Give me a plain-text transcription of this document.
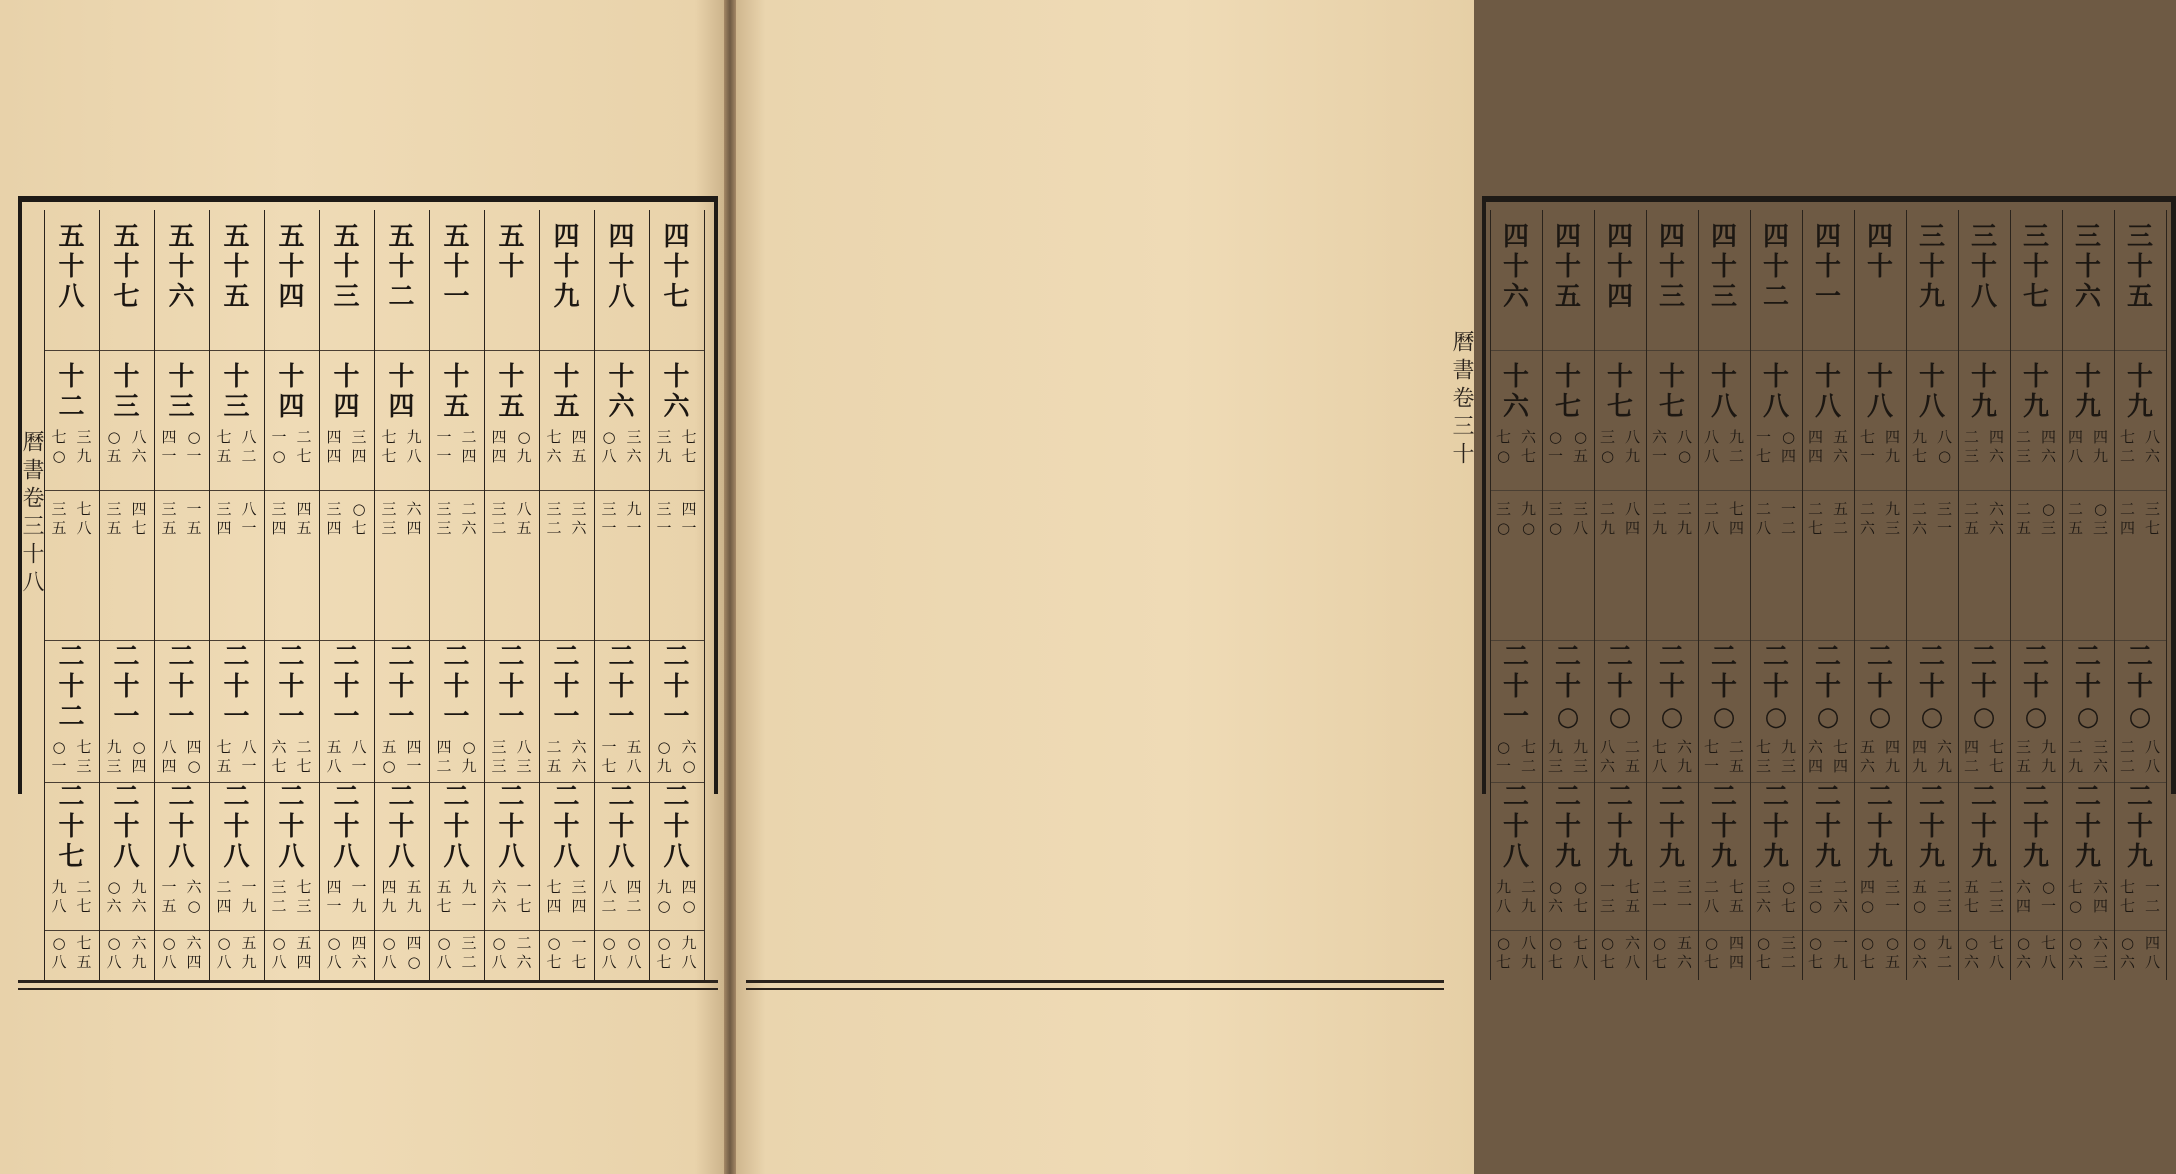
四
十
七
十
六
三
九
七
七
三
一
四
一
二
十
一
○
九
六
○
二
十
八
九
○
四
○
○
七
九
八
四
十
八
十
六
○
八
三
六
三
一
九
一
二
十
一
一
七
五
八
二
十
八
八
二
四
二
○
八
○
八
四
十
九
十
五
七
六
四
五
三
二
三
六
二
十
一
二
五
六
六
二
十
八
七
四
三
四
○
七
一
七
五
十
十
五
四
四
○
九
三
二
八
五
二
十
一
三
三
八
三
二
十
八
六
六
一
七
○
八
二
六
五
十
一
十
五
一
一
二
四
三
三
二
六
二
十
一
四
二
○
九
二
十
八
五
七
九
一
○
八
三
二
五
十
二
十
四
七
七
九
八
三
三
六
四
二
十
一
五
○
四
一
二
十
八
四
九
五
九
○
八
四
○
五
十
三
十
四
四
四
三
四
三
四
○
七
二
十
一
五
八
八
一
二
十
八
四
一
一
九
○
八
四
六
五
十
四
十
四
一
○
二
七
三
四
四
五
二
十
一
六
七
二
七
二
十
八
三
二
七
三
○
八
五
四
五
十
五
十
三
七
五
八
二
三
四
八
一
二
十
一
七
五
八
一
二
十
八
二
四
一
九
○
八
五
九
五
十
六
十
三
四
一
○
一
三
五
一
五
二
十
一
八
四
四
○
二
十
八
一
五
六
○
○
八
六
四
五
十
七
十
三
○
五
八
六
三
五
四
七
二
十
一
九
三
○
四
二
十
八
○
六
九
六
○
八
六
九
五
十
八
十
二
七
○
三
九
三
五
七
八
二
十
二
○
一
七
三
二
十
七
九
八
二
七
○
八
七
五
曆書卷三十八
三
十
五
十
九
七
二
八
六
二
四
三
七
二
十
○
二
二
八
八
二
十
九
七
七
一
二
○
六
四
八
三
十
六
十
九
四
八
四
九
二
五
○
三
二
十
○
二
九
三
六
二
十
九
七
○
六
四
○
六
六
三
三
十
七
十
九
二
三
四
六
二
五
○
三
二
十
○
三
五
九
九
二
十
九
六
四
○
一
○
六
七
八
三
十
八
十
九
二
三
四
六
二
五
六
六
二
十
○
四
二
七
七
二
十
九
五
七
二
三
○
六
七
八
三
十
九
十
八
九
七
八
○
二
六
三
一
二
十
○
四
九
六
九
二
十
九
五
○
二
三
○
六
九
二
四
十
十
八
七
一
四
九
二
六
九
三
二
十
○
五
六
四
九
二
十
九
四
○
三
一
○
七
○
五
四
十
一
十
八
四
四
五
六
二
七
五
二
二
十
○
六
四
七
四
二
十
九
三
○
二
六
○
七
一
九
四
十
二
十
八
一
七
○
四
二
八
一
二
二
十
○
七
三
九
三
二
十
九
三
六
○
七
○
七
三
二
四
十
三
十
八
八
八
九
二
二
八
七
四
二
十
○
七
一
二
五
二
十
九
二
八
七
五
○
七
四
四
四
十
三
十
七
六
一
八
○
二
九
二
九
二
十
○
七
八
六
九
二
十
九
二
一
三
一
○
七
五
六
四
十
四
十
七
三
○
八
九
二
九
八
四
二
十
○
八
六
二
五
二
十
九
一
三
七
五
○
七
六
八
四
十
五
十
七
○
一
○
五
三
○
三
八
二
十
○
九
三
九
三
二
十
九
○
六
○
七
○
七
七
八
四
十
六
十
六
七
○
六
七
三
○
九
○
二
十
一
○
一
七
二
二
十
八
九
八
二
九
○
七
八
九
曆書卷三十
